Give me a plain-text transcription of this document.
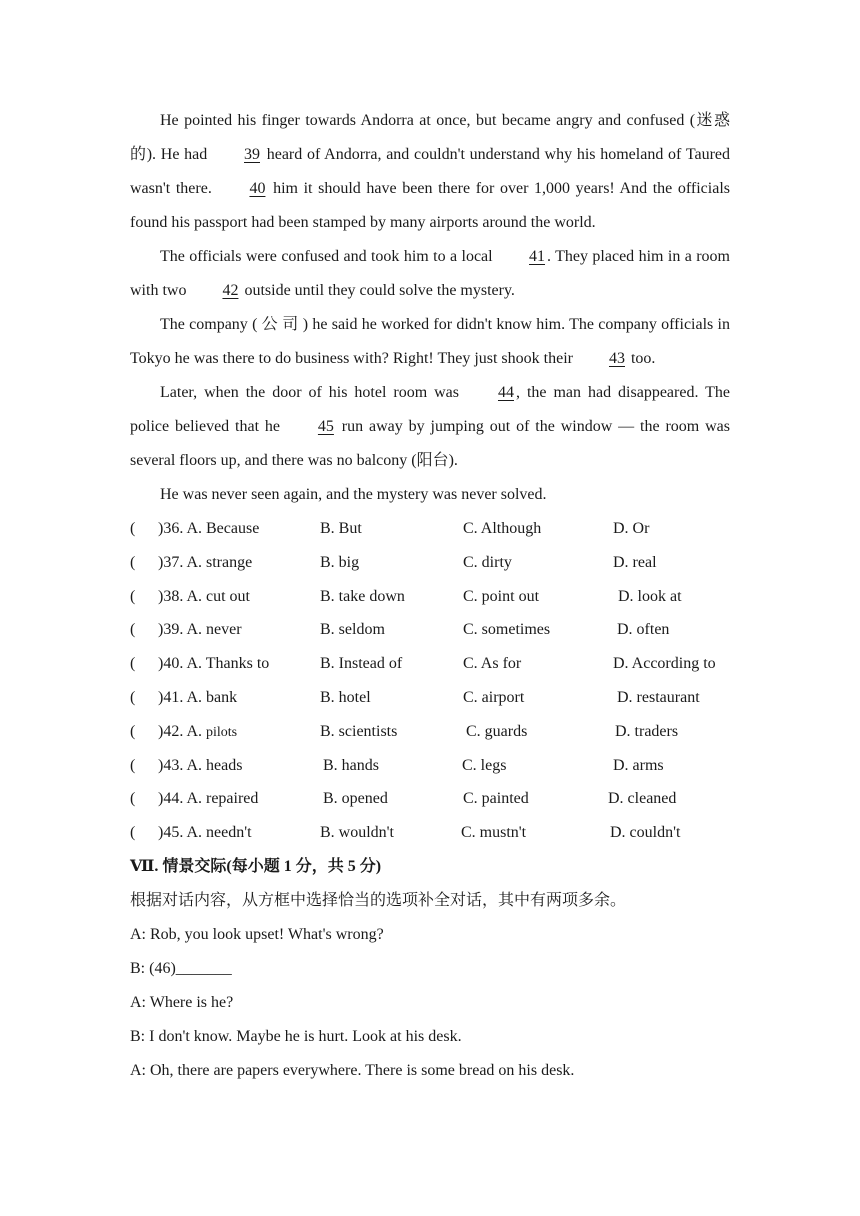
He pointed his finger towards Andorra at once, but became angry and confused (迷惑的). He had 39 heard of Andorra, and couldn't understand why his homeland of Taured wasn't there. 40 him it should have been there for over 1,000 years! And the officials found his passport had been stamped by many airports around the world.

The officials were confused and took him to a local 41. They placed him in a room with two 42 outside until they could solve the mystery.

The company ( 公 司 ) he said he worked for didn't know him. The company officials in Tokyo he was there to do business with? Right! They just shook their 43 too.

Later, when the door of his hotel room was 44, the man had disappeared. The police believed that he 45 run away by jumping out of the window — the room was several floors up, and there was no balcony (阳台).

He was never seen again, and the mystery was never solved.

( )36. A. Because	B. But	C. Although	D. Or
( )37. A. strange	B. big	C. dirty	D. real
( )38. A. cut out	B. take down	C. point out	D. look at
( )39. A. never	B. seldom	C. sometimes	D. often
( )40. A. Thanks to	B. Instead of	C. As for	D. According to
( )41. A. bank	B. hotel	C. airport	D. restaurant
( )42. A. pilots	B. scientists	C. guards	D. traders
( )43. A. heads	B. hands	C. legs	D. arms
( )44. A. repaired	B. opened	C. painted	D. cleaned
( )45. A. needn't	B. wouldn't	C. mustn't	D. couldn't

Ⅶ. 情景交际(每小题 1 分，共 5 分)

根据对话内容，从方框中选择恰当的选项补全对话，其中有两项多余。

A: Rob, you look upset! What's wrong?

B: (46)_______

A: Where is he?

B: I don't know. Maybe he is hurt. Look at his desk.

A: Oh, there are papers everywhere. There is some bread on his desk.
